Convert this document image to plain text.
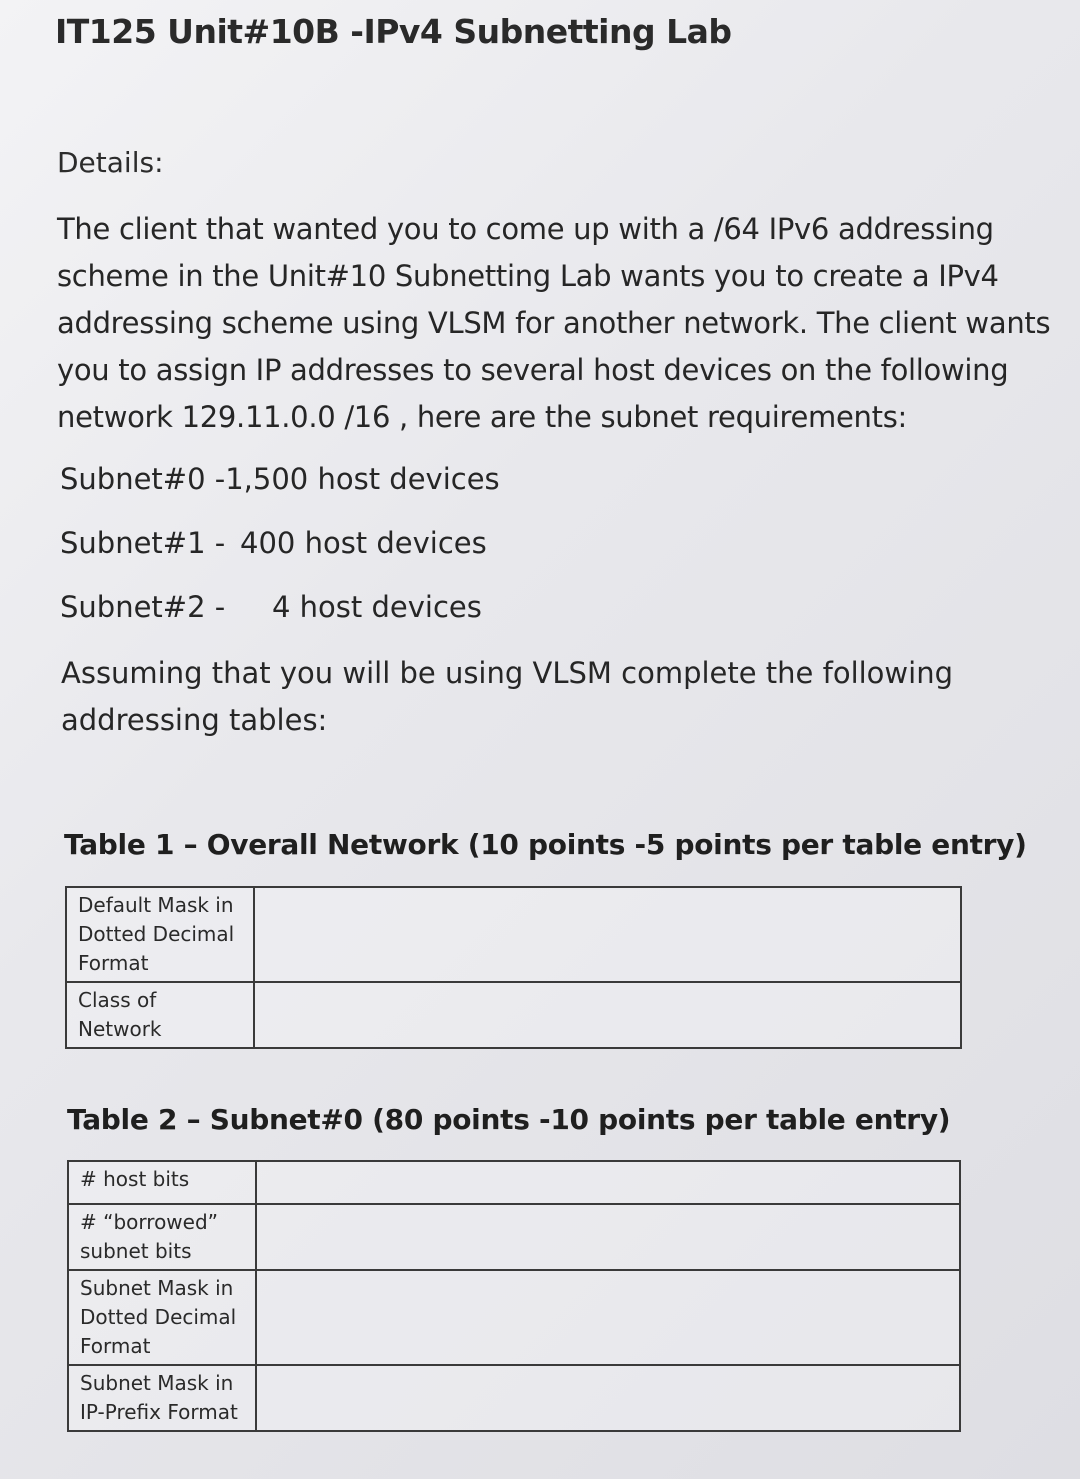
IT125 Unit#10B -IPv4 Subnetting Lab
Details:
The client that wanted you to come up with a /64 IPv6 addressing scheme in the Unit#10 Subnetting Lab wants you to create a IPv4 addressing scheme using VLSM for another network. The client wants you to assign IP addresses to several host devices on the following network 129.11.0.0 /16 , here are the subnet requirements:
Subnet#0 -1,500 host devices
Subnet#1 - 400 host devices
Subnet#2 - 4 host devices
Assuming that you will be using VLSM complete the following addressing tables:
Table 1 – Overall Network (10 points -5 points per table entry)
Default Mask in Dotted Decimal Format	
Class of Network	
Table 2 – Subnet#0 (80 points -10 points per table entry)
# host bits	
# “borrowed” subnet bits	
Subnet Mask in Dotted Decimal Format	
Subnet Mask in IP-Prefix Format	
